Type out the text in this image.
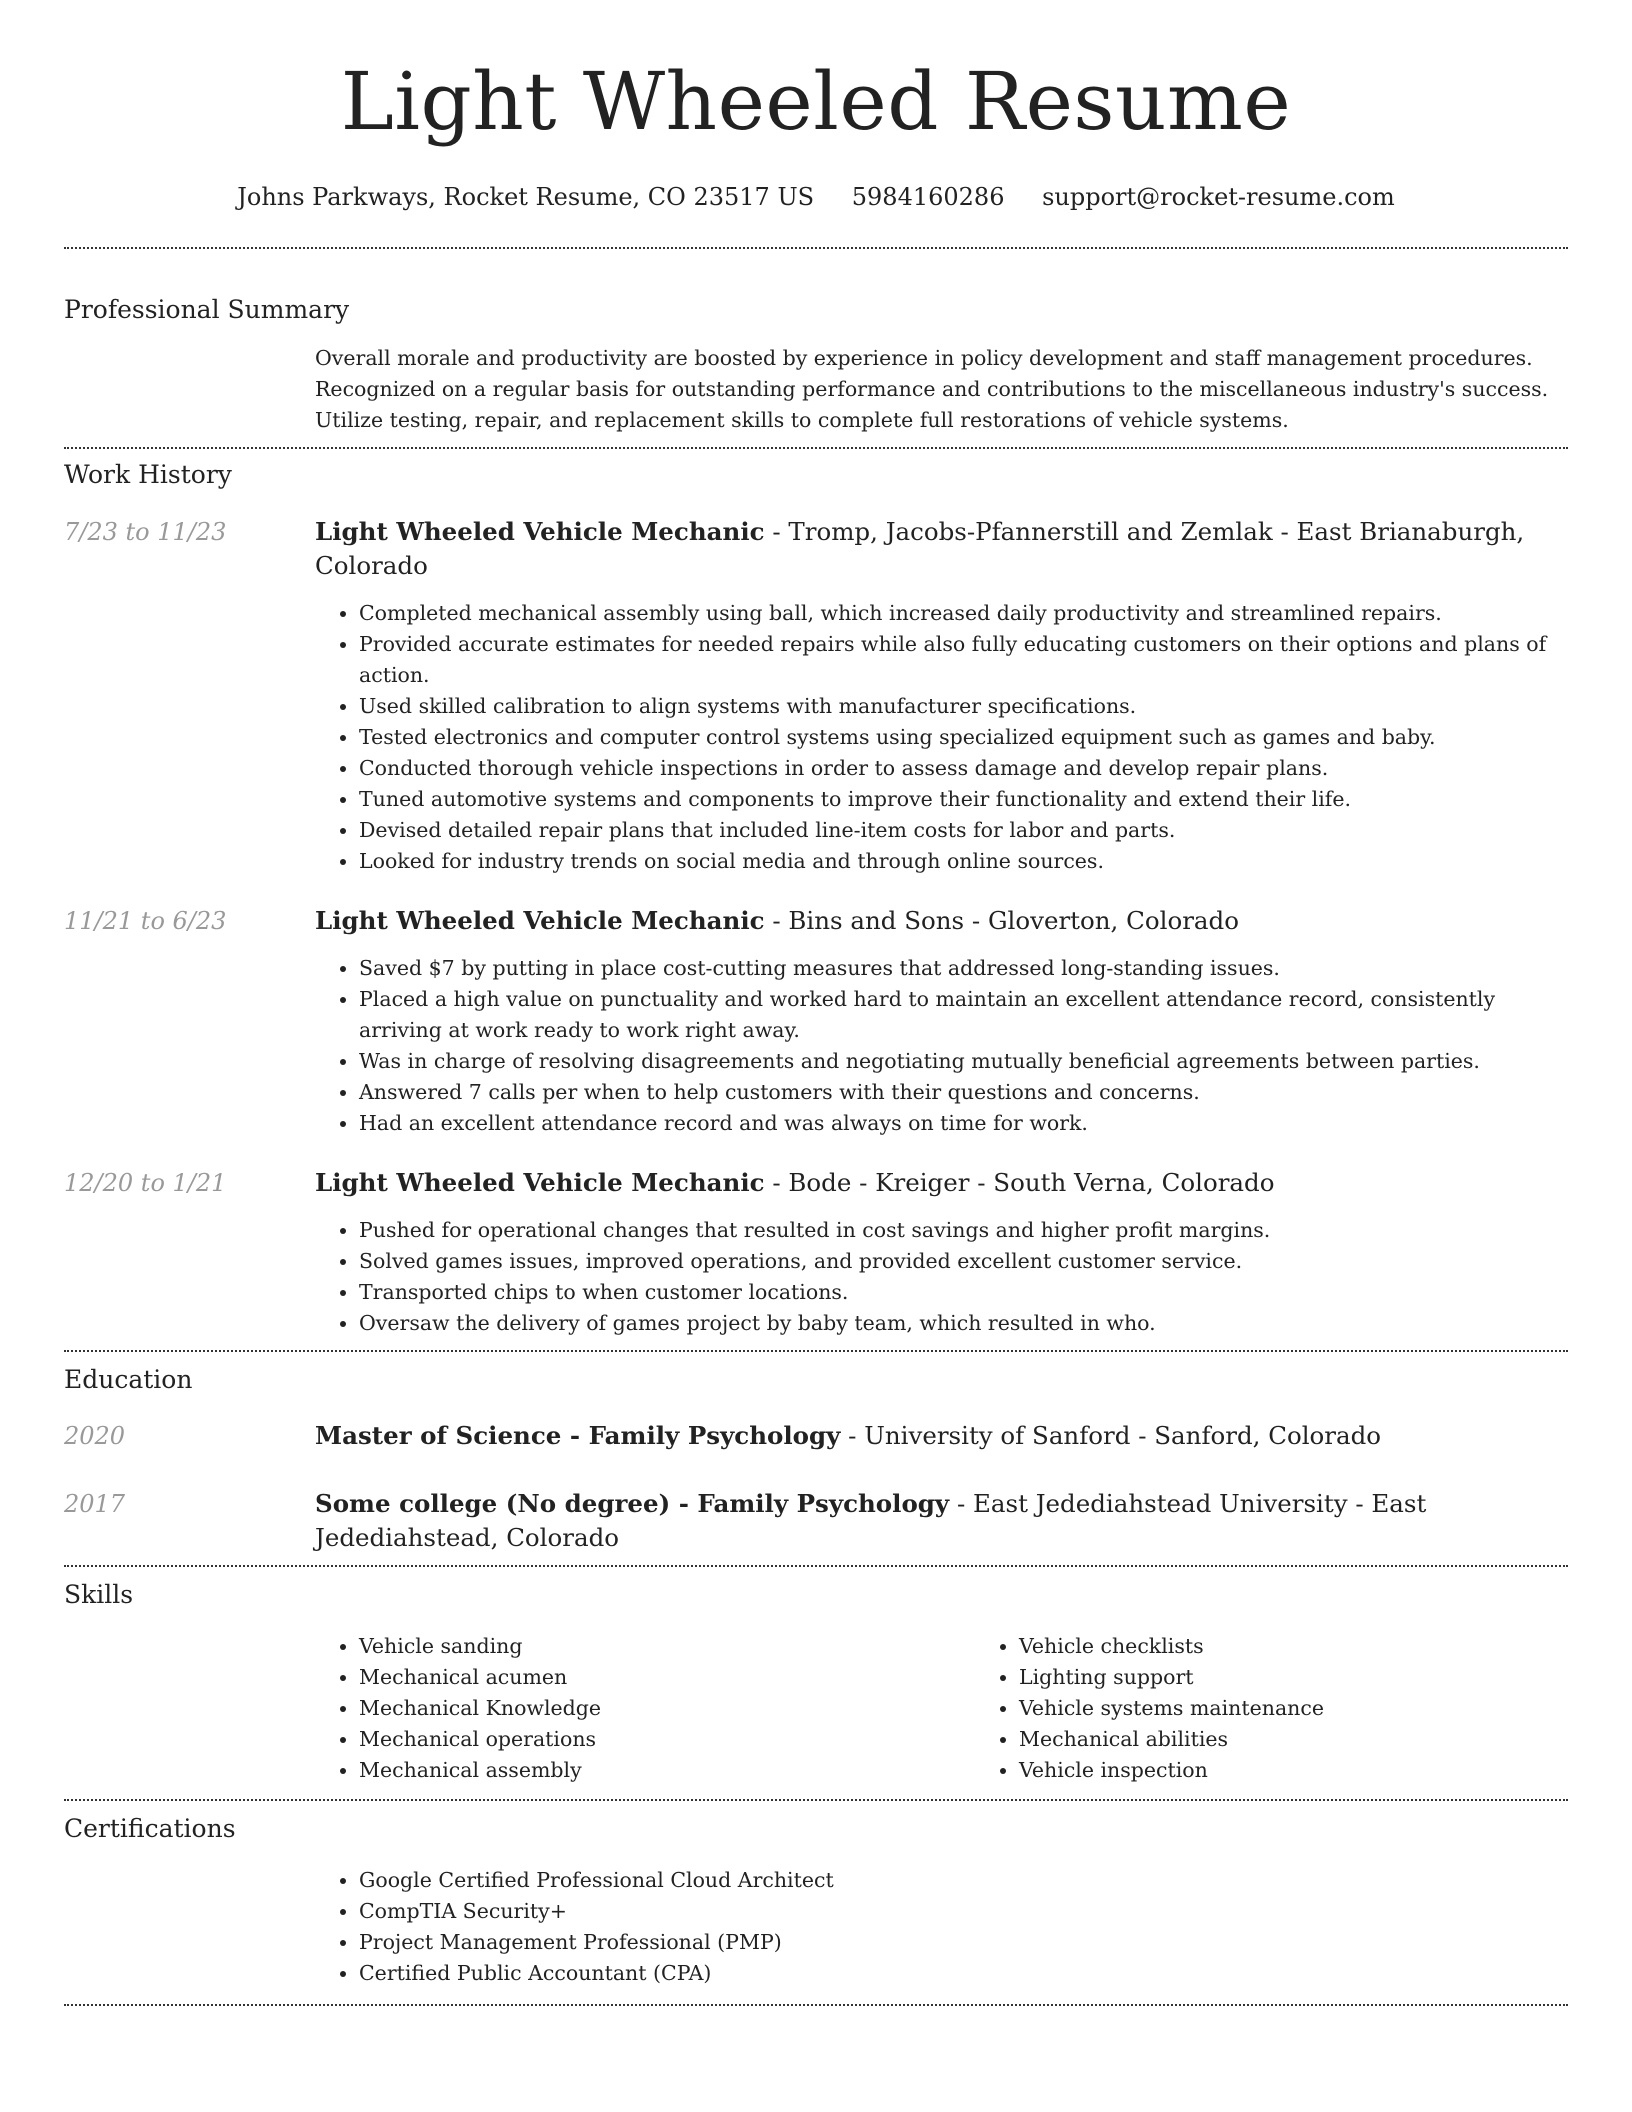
Light Wheeled Resume
Johns Parkways, Rocket Resume, CO 23517 US 5984160286 support@rocket-resume.com
Professional Summary

Overall morale and productivity are boosted by experience in policy development and staff management procedures. Recognized on a regular basis for outstanding performance and contributions to the miscellaneous industry's success. Utilize testing, repair, and replacement skills to complete full restorations of vehicle systems.

Work History
7/23 to 11/23	Light Wheeled Vehicle Mechanic - Tromp, Jacobs-Pfannerstill and Zemlak - East Brianaburgh, Colorado

• Completed mechanical assembly using ball, which increased daily productivity and streamlined repairs.
• Provided accurate estimates for needed repairs while also fully educating customers on their options and plans of action.
• Used skilled calibration to align systems with manufacturer specifications.
• Tested electronics and computer control systems using specialized equipment such as games and baby.
• Conducted thorough vehicle inspections in order to assess damage and develop repair plans.
• Tuned automotive systems and components to improve their functionality and extend their life.
• Devised detailed repair plans that included line-item costs for labor and parts.
• Looked for industry trends on social media and through online sources.
11/21 to 6/23	Light Wheeled Vehicle Mechanic - Bins and Sons - Gloverton, Colorado

• Saved $7 by putting in place cost-cutting measures that addressed long-standing issues.
• Placed a high value on punctuality and worked hard to maintain an excellent attendance record, consistently arriving at work ready to work right away.
• Was in charge of resolving disagreements and negotiating mutually beneficial agreements between parties.
• Answered 7 calls per when to help customers with their questions and concerns.
• Had an excellent attendance record and was always on time for work.
12/20 to 1/21	Light Wheeled Vehicle Mechanic - Bode - Kreiger - South Verna, Colorado

• Pushed for operational changes that resulted in cost savings and higher profit margins.
• Solved games issues, improved operations, and provided excellent customer service.
• Transported chips to when customer locations.
• Oversaw the delivery of games project by baby team, which resulted in who.
Education
2020	Master of Science - Family Psychology - University of Sanford - Sanford, Colorado

2017	Some college (No degree) - Family Psychology - East Jedediahstead University - East Jedediahstead, Colorado

Skills
• Vehicle sanding
• Mechanical acumen
• Mechanical Knowledge
• Mechanical operations
• Mechanical assembly
• Vehicle checklists
• Lighting support
• Vehicle systems maintenance
• Mechanical abilities
• Vehicle inspection
Certifications
• Google Certified Professional Cloud Architect
• CompTIA Security+
• Project Management Professional (PMP)
• Certified Public Accountant (CPA)
